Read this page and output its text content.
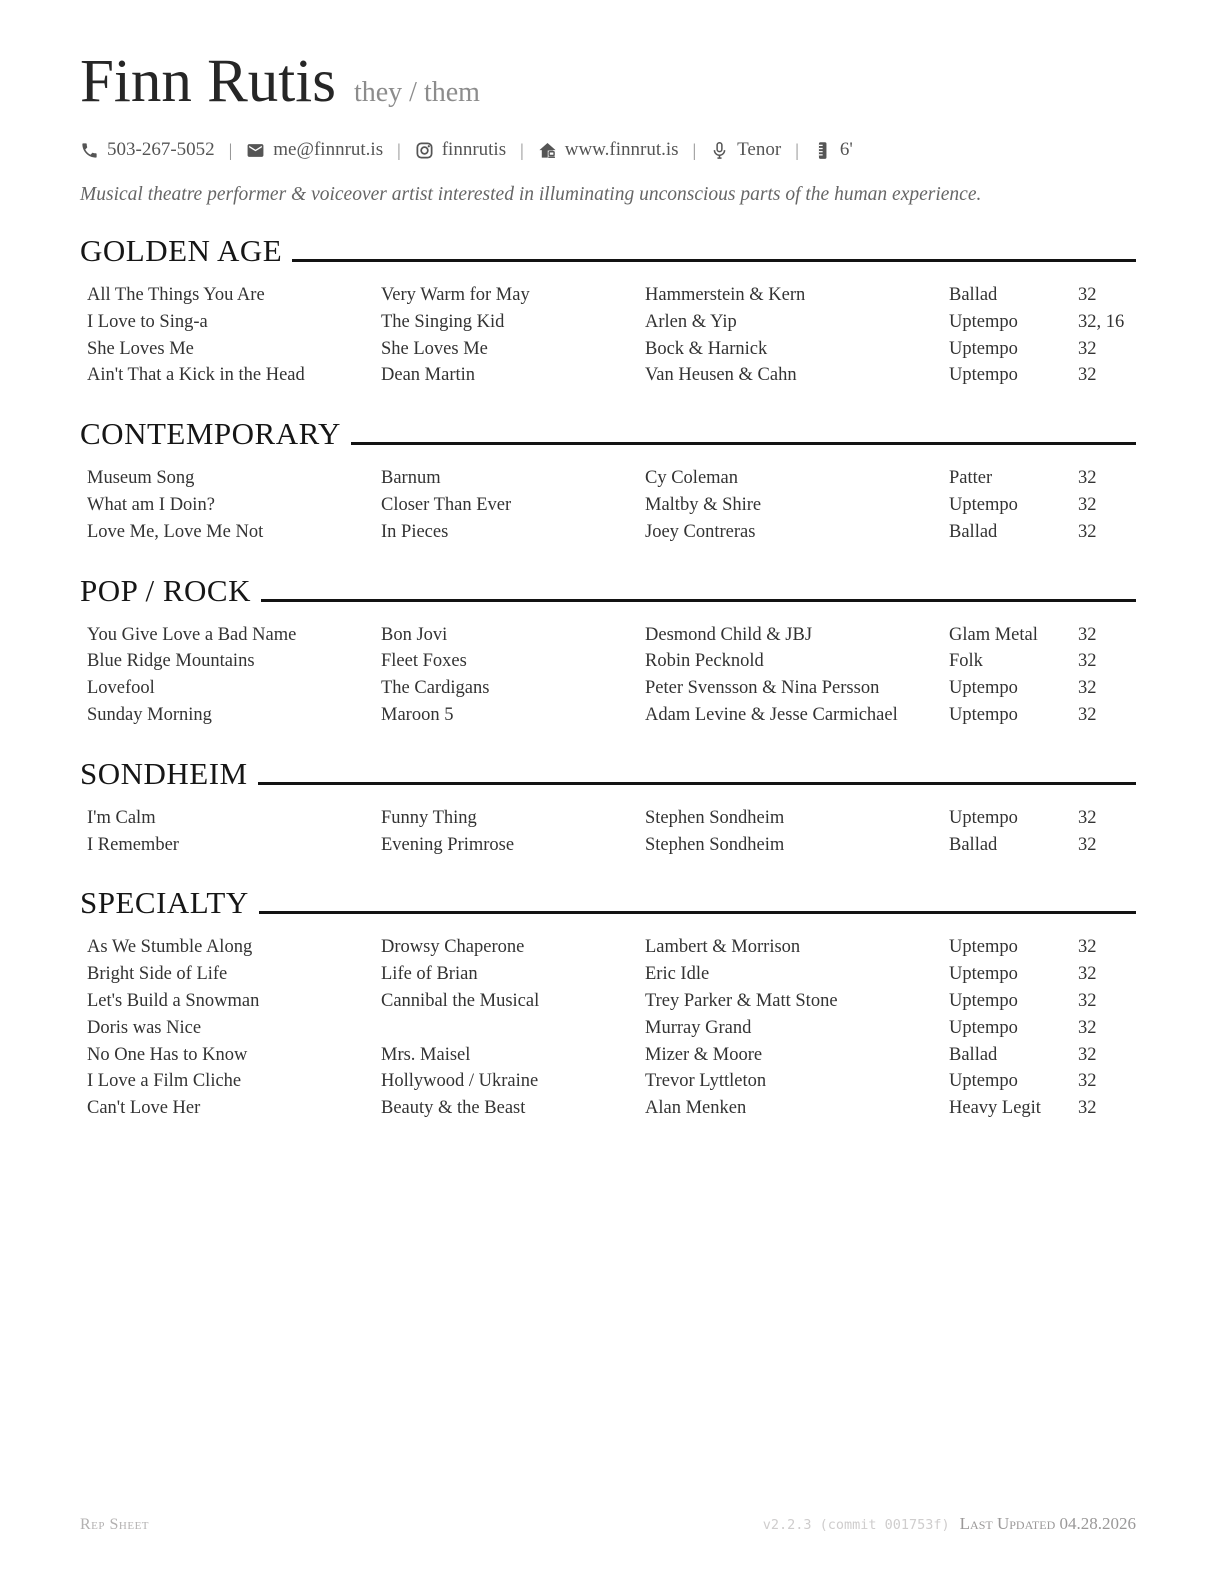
Finn Rutis they / them
503-267-5052 | me@finnrut.is | finnrutis | www.finnrut.is | Tenor | 6'
Musical theatre performer & voiceover artist interested in illuminating unconscious parts of the human experience.
GOLDEN AGE
All The Things You Are	Very Warm for May	Hammerstein & Kern	Ballad	32
I Love to Sing-a	The Singing Kid	Arlen & Yip	Uptempo	32, 16
She Loves Me	She Loves Me	Bock & Harnick	Uptempo	32
Ain't That a Kick in the Head	Dean Martin	Van Heusen & Cahn	Uptempo	32
CONTEMPORARY
Museum Song	Barnum	Cy Coleman	Patter	32
What am I Doin?	Closer Than Ever	Maltby & Shire	Uptempo	32
Love Me, Love Me Not	In Pieces	Joey Contreras	Ballad	32
POP / ROCK
You Give Love a Bad Name	Bon Jovi	Desmond Child & JBJ	Glam Metal	32
Blue Ridge Mountains	Fleet Foxes	Robin Pecknold	Folk	32
Lovefool	The Cardigans	Peter Svensson & Nina Persson	Uptempo	32
Sunday Morning	Maroon 5	Adam Levine & Jesse Carmichael	Uptempo	32
SONDHEIM
I'm Calm	Funny Thing	Stephen Sondheim	Uptempo	32
I Remember	Evening Primrose	Stephen Sondheim	Ballad	32
SPECIALTY
As We Stumble Along	Drowsy Chaperone	Lambert & Morrison	Uptempo	32
Bright Side of Life	Life of Brian	Eric Idle	Uptempo	32
Let's Build a Snowman	Cannibal the Musical	Trey Parker & Matt Stone	Uptempo	32
Doris was Nice		Murray Grand	Uptempo	32
No One Has to Know	Mrs. Maisel	Mizer & Moore	Ballad	32
I Love a Film Cliche	Hollywood / Ukraine	Trevor Lyttleton	Uptempo	32
Can't Love Her	Beauty & the Beast	Alan Menken	Heavy Legit	32
Rep Sheet	v2.2.3 (commit 001753f) Last Updated 04.28.2026
